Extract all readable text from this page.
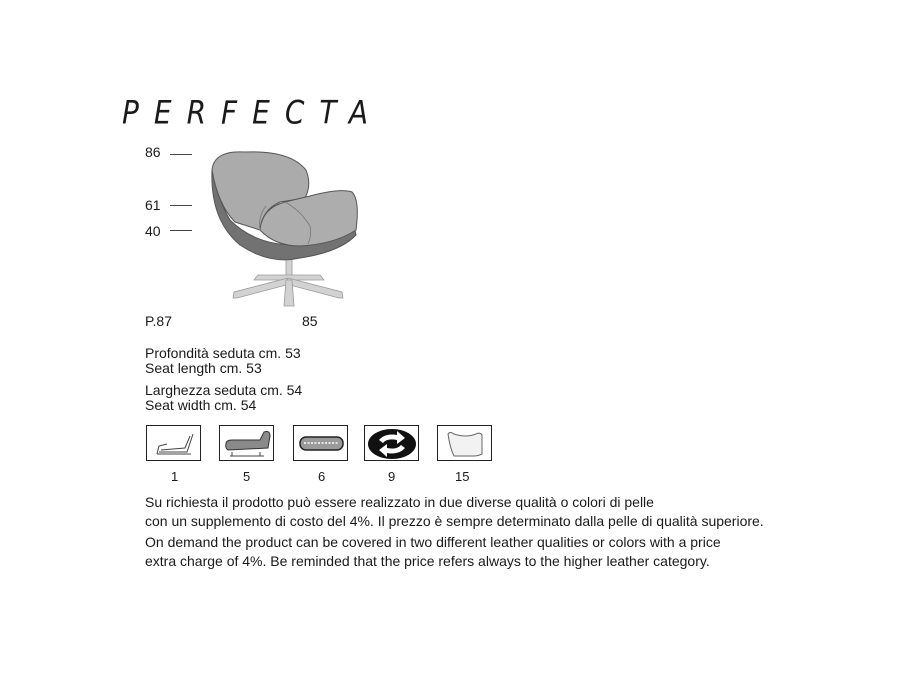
PERFECTA
86
61
40
P.87	85
Profondità seduta cm. 53
Seat length cm. 53
Larghezza seduta cm. 54
Seat width cm. 54
1	5	6	9	15
Su richiesta il prodotto può essere realizzato in due diverse qualità o colori di pelle
con un supplemento di costo del 4%. Il prezzo è sempre determinato dalla pelle di qualità superiore.
On demand the product can be covered in two different leather qualities or colors with a price
extra charge of 4%. Be reminded that the price refers always to the higher leather category.
